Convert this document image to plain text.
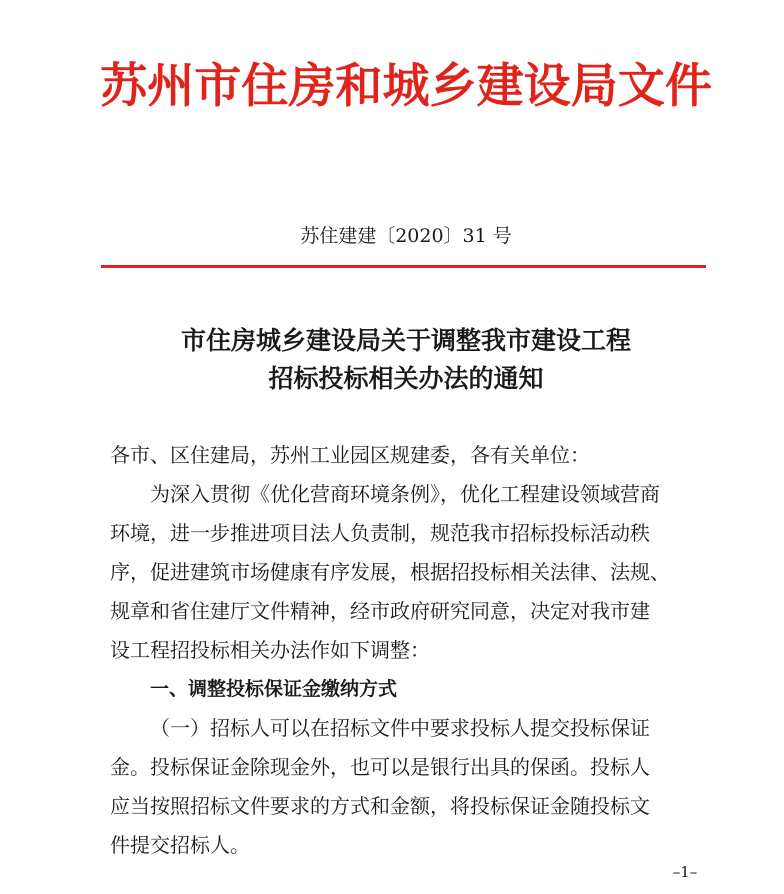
苏州市住房和城乡建设局文件
苏住建建〔2020〕31 号
市住房城乡建设局关于调整我市建设工程
招标投标相关办法的通知
各市、区住建局，苏州工业园区规建委，各有关单位：
为深入贯彻《优化营商环境条例》，优化工程建设领域营商
环境，进一步推进项目法人负责制，规范我市招标投标活动秩
序，促进建筑市场健康有序发展，根据招投标相关法律、法规、
规章和省住建厅文件精神，经市政府研究同意，决定对我市建
设工程招投标相关办法作如下调整：
一、调整投标保证金缴纳方式
（一）招标人可以在招标文件中要求投标人提交投标保证
金。投标保证金除现金外，也可以是银行出具的保函。投标人
应当按照招标文件要求的方式和金额，将投标保证金随投标文
件提交招标人。
–1–
